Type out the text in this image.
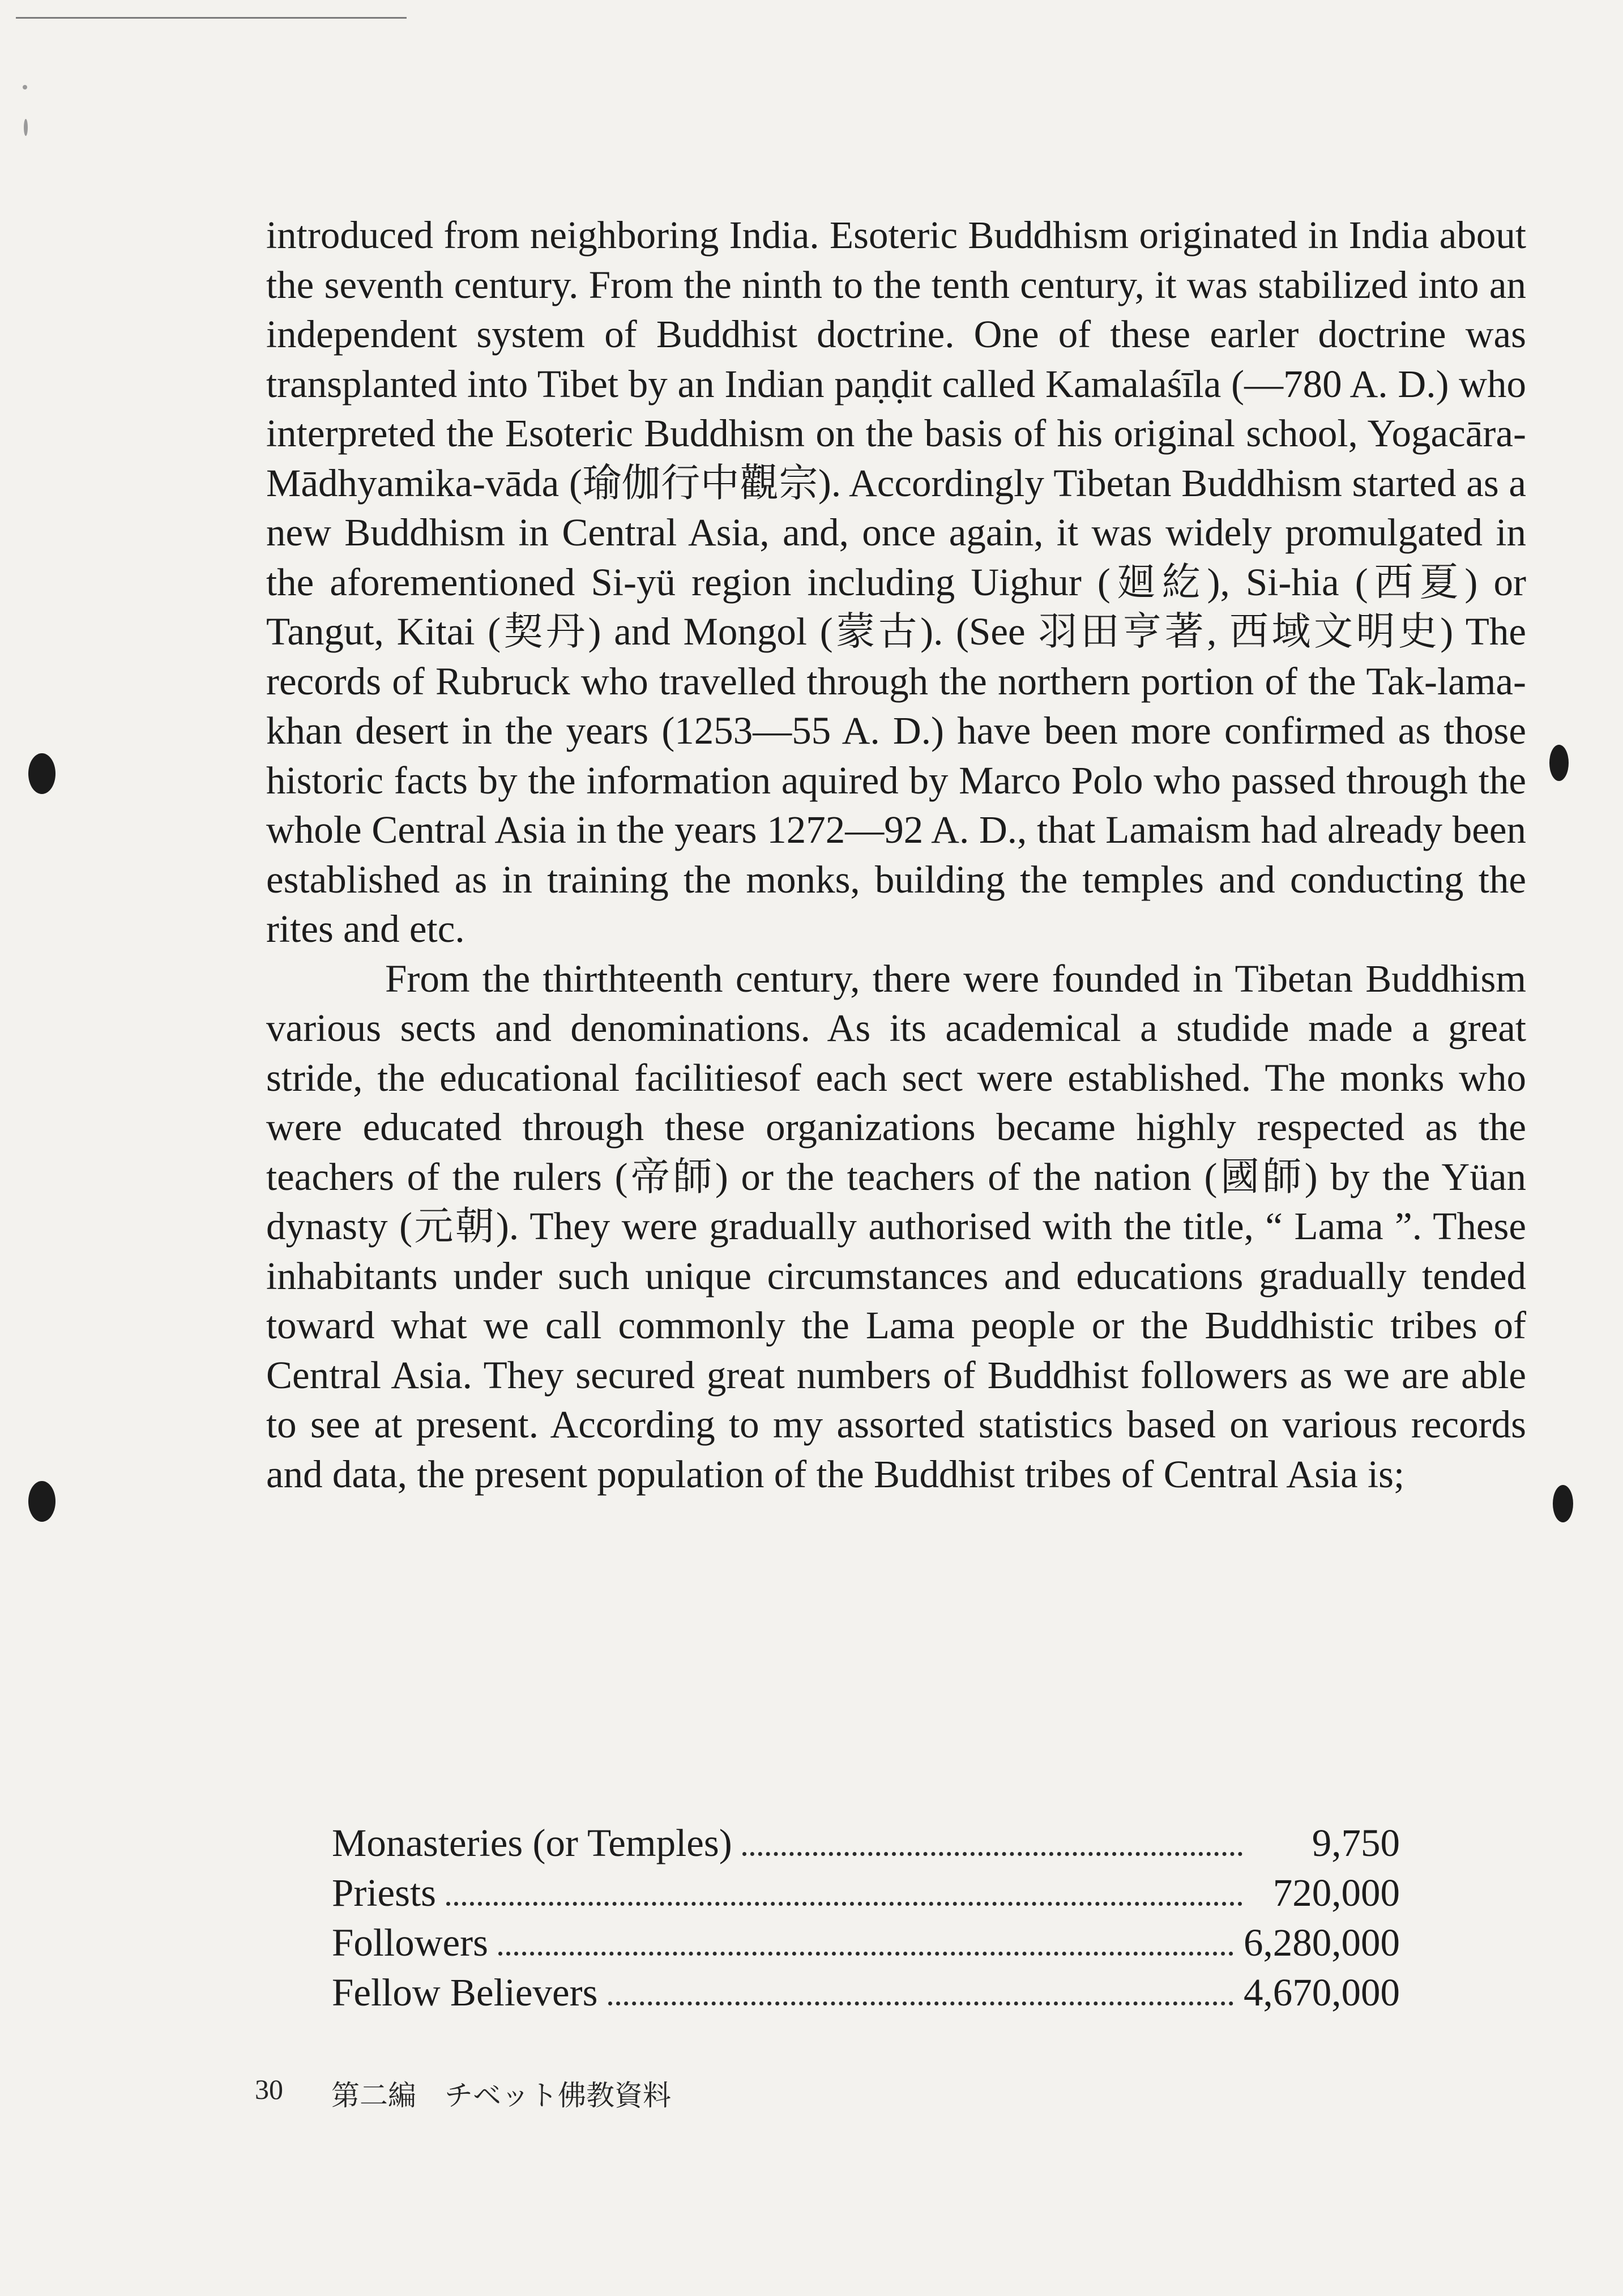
introduced from neighboring India. Esoteric Buddhism originated in India about the seventh century. From the ninth to the tenth century, it was stabilized into an independent system of Buddhist doctrine. One of these earler doctrine was transplanted into Tibet by an Indian paṇḍit called Kamalaśīla (—780 A. D.) who interpreted the Esoteric Buddhism on the basis of his original school, Yogacāra-Mādhyamika-vāda (瑜伽行中觀宗). Accordingly Tibetan Buddhism started as a new Buddhism in Central Asia, and, once again, it was widely promulgated in the aforementioned Si-yü region including Uighur (廻紇), Si-hia (西夏) or Tangut, Kitai (契丹) and Mongol (蒙古). (See 羽田亨著, 西域文明史) The records of Rubruck who travelled through the northern portion of the Tak-lama-khan desert in the years (1253—55 A. D.) have been more confirmed as those historic facts by the information aquired by Marco Polo who passed through the whole Central Asia in the years 1272—92 A. D., that Lamaism had already been established as in training the monks, building the temples and conducting the rites and etc.

From the thirthteenth century, there were founded in Tibetan Buddhism various sects and denominations. As its academical a studide made a great stride, the educational facilitiesof each sect were established. The monks who were educated through these organizations became highly respected as the teachers of the rulers (帝師) or the teachers of the nation (國師) by the Yüan dynasty (元朝). They were gradually authorised with the title, “ Lama ”. These inhabitants under such unique circumstances and educations gradually tended toward what we call commonly the Lama people or the Buddhistic tribes of Central Asia. They secured great numbers of Buddhist followers as we are able to see at present. According to my assorted statistics based on various records and data, the present population of the Buddhist tribes of Central Asia is;

Monasteries (or Temples)	9,750
Priests	720,000
Followers	6,280,000
Fellow Believers	4,670,000
30 第二編　チベット佛教資料
